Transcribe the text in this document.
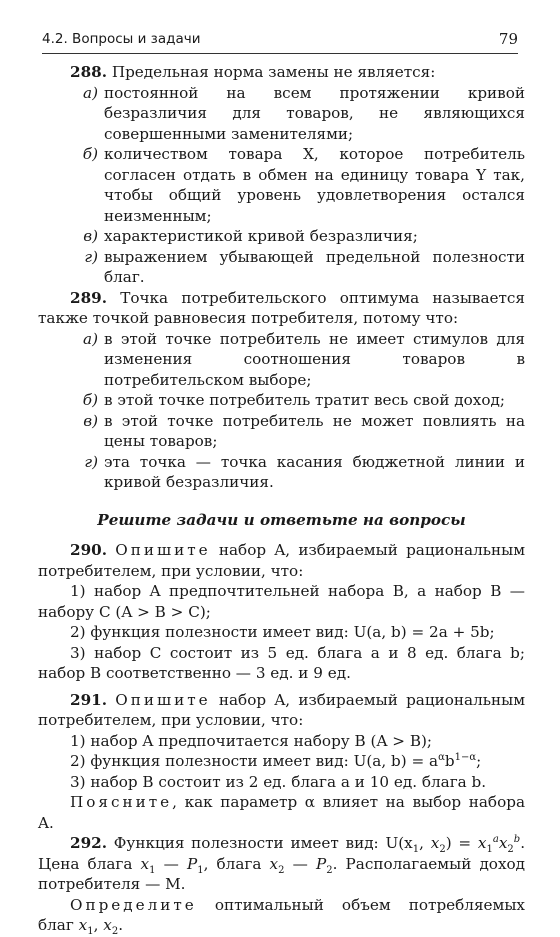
4.2. Вопросы и задачи	79

288. Предельная норма замены не является:

а) постоянной на всем протяжении кривой безразличия для товаров, не являющихся совершенными заменителями;
б) количеством товара X, которое потребитель согласен отдать в обмен на единицу товара Y так, чтобы общий уровень удовлетворения остался неизменным;
в) характеристикой кривой безразличия;
г) выражением убывающей предельной полезности благ.

289. Точка потребительского оптимума называется также точкой равновесия потребителя, потому что:

а) в этой точке потребитель не имеет стимулов для изменения соотношения товаров в потребительском выборе;
б) в этой точке потребитель тратит весь свой доход;
в) в этой точке потребитель не может повлиять на цены товаров;
г) эта точка — точка касания бюджетной линии и кривой безразличия.
Решите задачи и ответьте на вопросы

290. Опишите набор A, избираемый рациональным потребителем, при условии, что:

1) набор A предпочтительней набора B, а набор B — набору C (A > B > C);

2) функция полезности имеет вид: U(a, b) = 2a + 5b;

3) набор C состоит из 5 ед. блага a и 8 ед. блага b; набор B соответственно — 3 ед. и 9 ед.

291. Опишите набор A, избираемый рациональным потребителем, при условии, что:

1) набор A предпочитается набору B (A > B);

2) функция полезности имеет вид: U(a, $b) = a^\alpha b^{1-\alpha}$;

3) набор B состоит из 2 ед. блага a и 10 ед. блага b.

Поясните, как параметр α влияет на выбор набора A.

292. Функция полезности имеет вид: $U(x_1$, $x_2) = x_1^ax_2^b$. Цена блага $x_1$ — $P_1$, блага $x_2$ — $P_2$. Располагаемый доход потребителя — M.

Определите оптимальный объем потребляемых благ $x_1$, $x_2$.
